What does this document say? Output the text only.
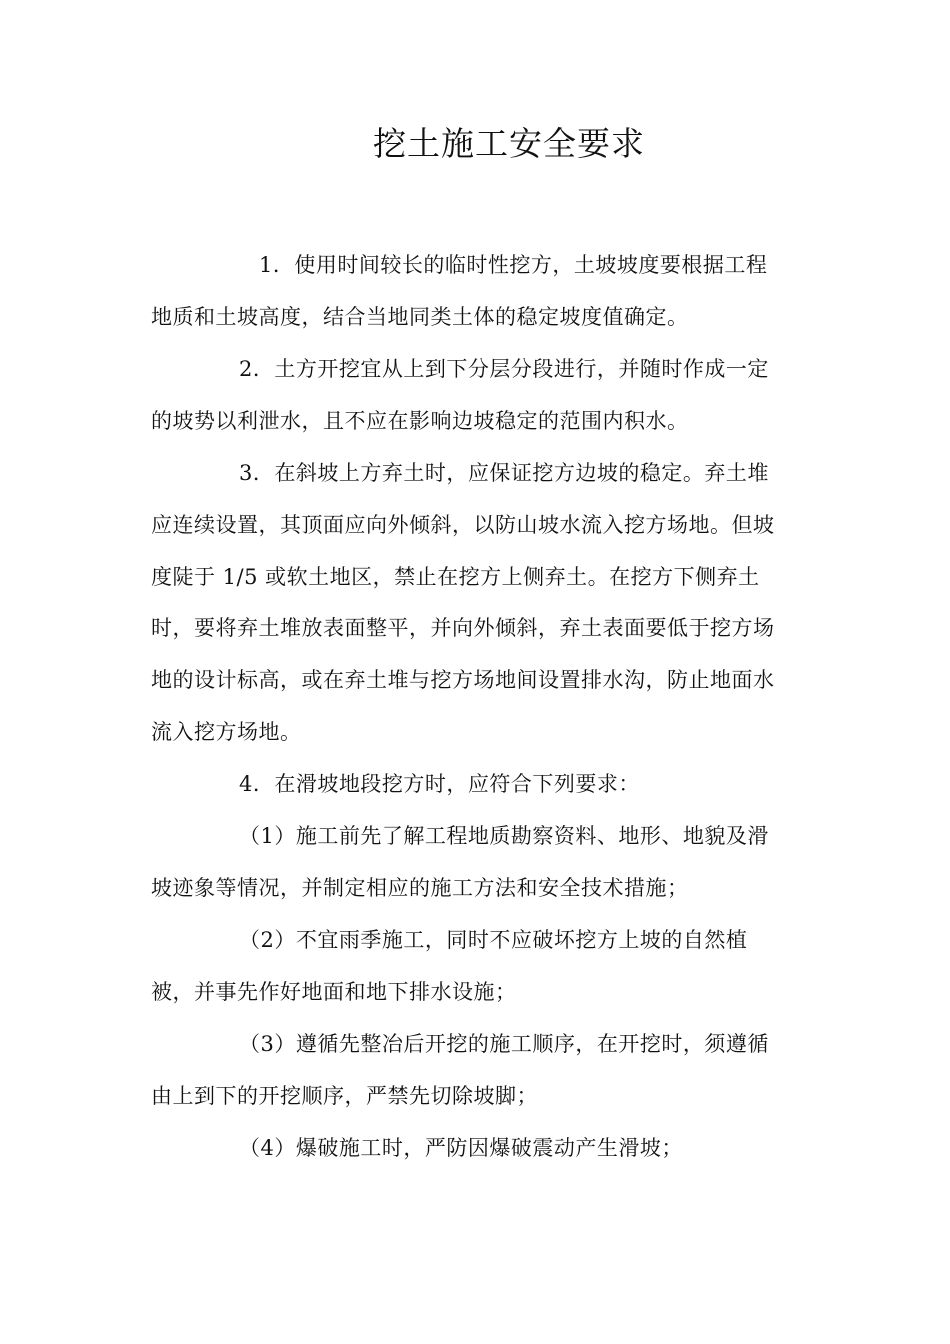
挖土施工安全要求
1．使用时间较长的临时性挖方，土坡坡度要根据工程
地质和土坡高度，结合当地同类土体的稳定坡度值确定。
2．土方开挖宜从上到下分层分段进行，并随时作成一定
的坡势以利泄水，且不应在影响边坡稳定的范围内积水。
3．在斜坡上方弃土时，应保证挖方边坡的稳定。弃土堆
应连续设置，其顶面应向外倾斜，以防山坡水流入挖方场地。但坡
度陡于 1/5 或软土地区，禁止在挖方上侧弃土。在挖方下侧弃土
时，要将弃土堆放表面整平，并向外倾斜，弃土表面要低于挖方场
地的设计标高，或在弃土堆与挖方场地间设置排水沟，防止地面水
流入挖方场地。
4．在滑坡地段挖方时，应符合下列要求：
（1）施工前先了解工程地质勘察资料、地形、地貌及滑
坡迹象等情况，并制定相应的施工方法和安全技术措施；
（2）不宜雨季施工，同时不应破坏挖方上坡的自然植
被，并事先作好地面和地下排水设施；
（3）遵循先整冶后开挖的施工顺序，在开挖时，须遵循
由上到下的开挖顺序，严禁先切除坡脚；
（4）爆破施工时，严防因爆破震动产生滑坡；
